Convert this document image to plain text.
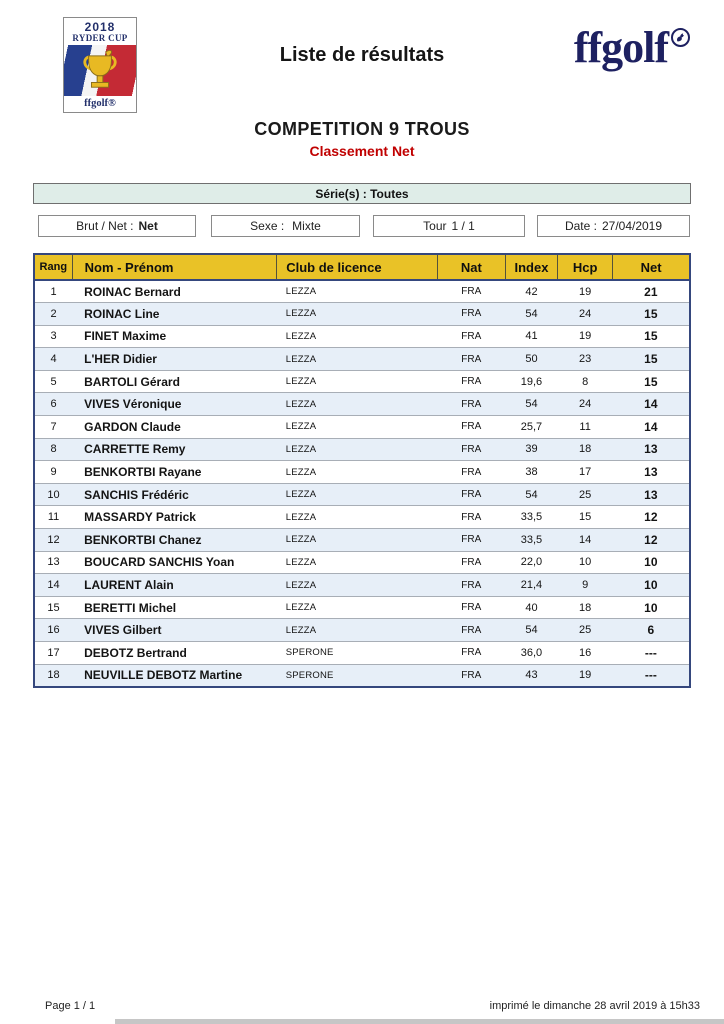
2018
RYDER CUP
ffgolf®
Liste de résultats	ffgolf
COMPETITION 9 TROUS
Classement Net
Série(s) : Toutes
Brut / Net : Net	Sexe : Mixte	Tour 1 / 1	Date : 27/04/2019
Rang	Nom - Prénom	Club de licence	Nat	Index	Hcp	Net
1	ROINAC Bernard	LEZZA	FRA	42	19	21
2	ROINAC Line	LEZZA	FRA	54	24	15
3	FINET Maxime	LEZZA	FRA	41	19	15
4	L'HER Didier	LEZZA	FRA	50	23	15
5	BARTOLI Gérard	LEZZA	FRA	19,6	8	15
6	VIVES Véronique	LEZZA	FRA	54	24	14
7	GARDON Claude	LEZZA	FRA	25,7	11	14
8	CARRETTE Remy	LEZZA	FRA	39	18	13
9	BENKORTBI Rayane	LEZZA	FRA	38	17	13
10	SANCHIS Frédéric	LEZZA	FRA	54	25	13
11	MASSARDY Patrick	LEZZA	FRA	33,5	15	12
12	BENKORTBI Chanez	LEZZA	FRA	33,5	14	12
13	BOUCARD SANCHIS Yoan	LEZZA	FRA	22,0	10	10
14	LAURENT Alain	LEZZA	FRA	21,4	9	10
15	BERETTI Michel	LEZZA	FRA	40	18	10
16	VIVES Gilbert	LEZZA	FRA	54	25	6
17	DEBOTZ Bertrand	SPERONE	FRA	36,0	16	---
18	NEUVILLE DEBOTZ Martine	SPERONE	FRA	43	19	---
Page 1 / 1	imprimé le dimanche 28 avril 2019 à 15h33
